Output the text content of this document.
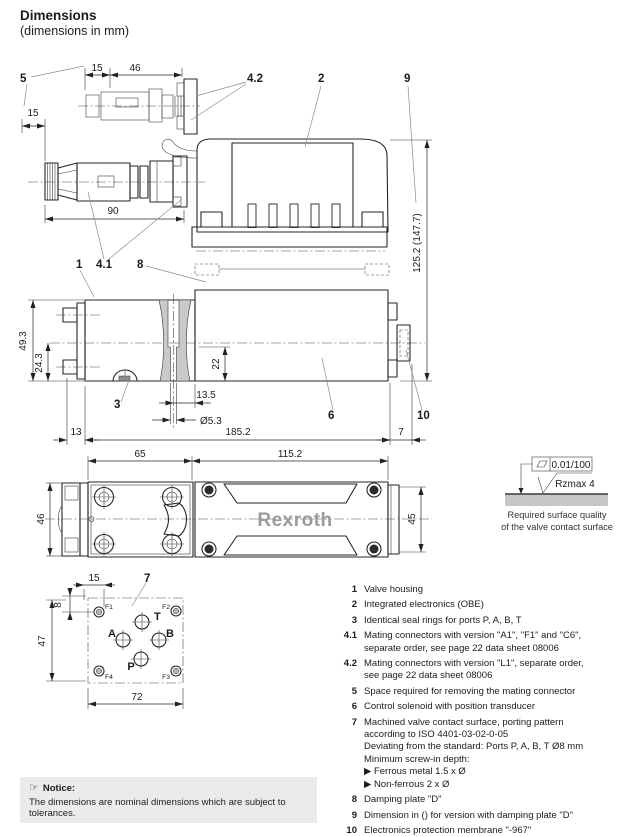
Dimensions
(dimensions in mm)
15	46
5	4.2
15
90
1 4.1 8
2	9
125.2 (147.7)
49.3
24.3	22
13.5
Ø5.3
13	185.2	7
3
6	10
65	115.2
Rexroth
46	45
F1	F2
F3
F4
T
A	B
P
15
8
47
72
7
0.01/100
Rzmax 4
Required surface quality
of the valve contact surface
1 Valve housing
2 Integrated electronics (OBE)
3 Identical seal rings for ports P, A, B, T
4.1 Mating connectors with version "A1", "F1" and "C6",
separate order, see page 22 data sheet 08006
4.2 Mating connectors with version "L1", separate order,
see page 22 data sheet 08006
5 Space required for removing the mating connector
6 Control solenoid with position transducer
7 Machined valve contact surface, porting pattern
according to ISO 4401-03-02-0-05
Deviating from the standard: Ports P, A, B, T Ø8 mm
Minimum screw-in depth:
▶ Ferrous metal 1.5 x Ø
▶ Non-ferrous 2 x Ø
8 Damping plate "D"
9 Dimension in () for version with damping plate "D"
10 Electronics protection membrane "-967"
☞ Notice:
The dimensions are nominal dimensions which are subject to tolerances.
